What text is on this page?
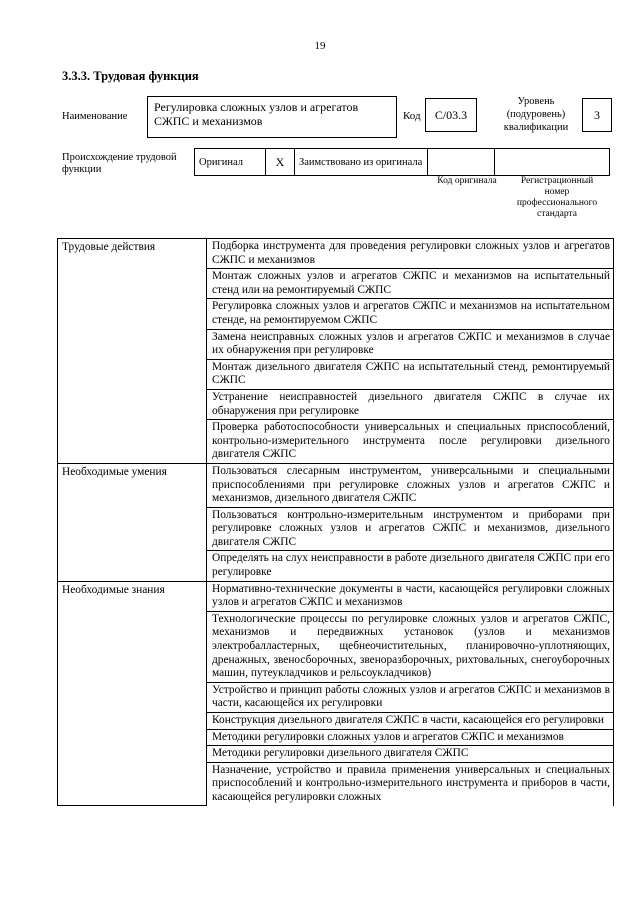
19
3.3.3. Трудовая функция
Наименование
Регулировка сложных узлов и агрегатов СЖПС и механизмов	Код	С/03.3
Уровень (подуровень) квалификации
3
Происхождение трудовой функции
Оригинал	X	Заимствовано из оригинала		
Код оригинала	Регистрационный номер профессионального стандарта
Трудовые действия	Подборка инструмента для проведения регулировки сложных узлов и агрегатов СЖПС и механизмов
	Монтаж сложных узлов и агрегатов СЖПС и механизмов на испытательный стенд или на ремонтируемый СЖПС
	Регулировка сложных узлов и агрегатов СЖПС и механизмов на испытательном стенде, на ремонтируемом СЖПС
	Замена неисправных сложных узлов и агрегатов СЖПС и механизмов в случае их обнаружения при регулировке
	Монтаж дизельного двигателя СЖПС на испытательный стенд, ремонтируемый СЖПС
	Устранение неисправностей дизельного двигателя СЖПС в случае их обнаружения при регулировке
	Проверка работоспособности универсальных и специальных приспособлений, контрольно-измерительного инструмента после регулировки дизельного двигателя СЖПС
Необходимые умения	Пользоваться слесарным инструментом, универсальными и специальными приспособлениями при регулировке сложных узлов и агрегатов СЖПС и механизмов, дизельного двигателя СЖПС
	Пользоваться контрольно-измерительным инструментом и приборами при регулировке сложных узлов и агрегатов СЖПС и механизмов, дизельного двигателя СЖПС
	Определять на слух неисправности в работе дизельного двигателя СЖПС при его регулировке
Необходимые знания	Нормативно-технические документы в части, касающейся регулировки сложных узлов и агрегатов СЖПС и механизмов
	Технологические процессы по регулировке сложных узлов и агрегатов СЖПС, механизмов и передвижных установок (узлов и механизмов электробалластерных, щебнеочистительных, планировочно-уплотняющих, дренажных, звеносборочных, звеноразборочных, рихтовальных, снегоуборочных машин, путеукладчиков и рельсоукладчиков)
	Устройство и принцип работы сложных узлов и агрегатов СЖПС и механизмов в части, касающейся их регулировки
	Конструкция дизельного двигателя СЖПС в части, касающейся его регулировки
	Методики регулировки сложных узлов и агрегатов СЖПС и механизмов
	Методики регулировки дизельного двигателя СЖПС
	Назначение, устройство и правила применения универсальных и специальных приспособлений и контрольно-измерительного инструмента и приборов в части, касающейся регулировки сложных
